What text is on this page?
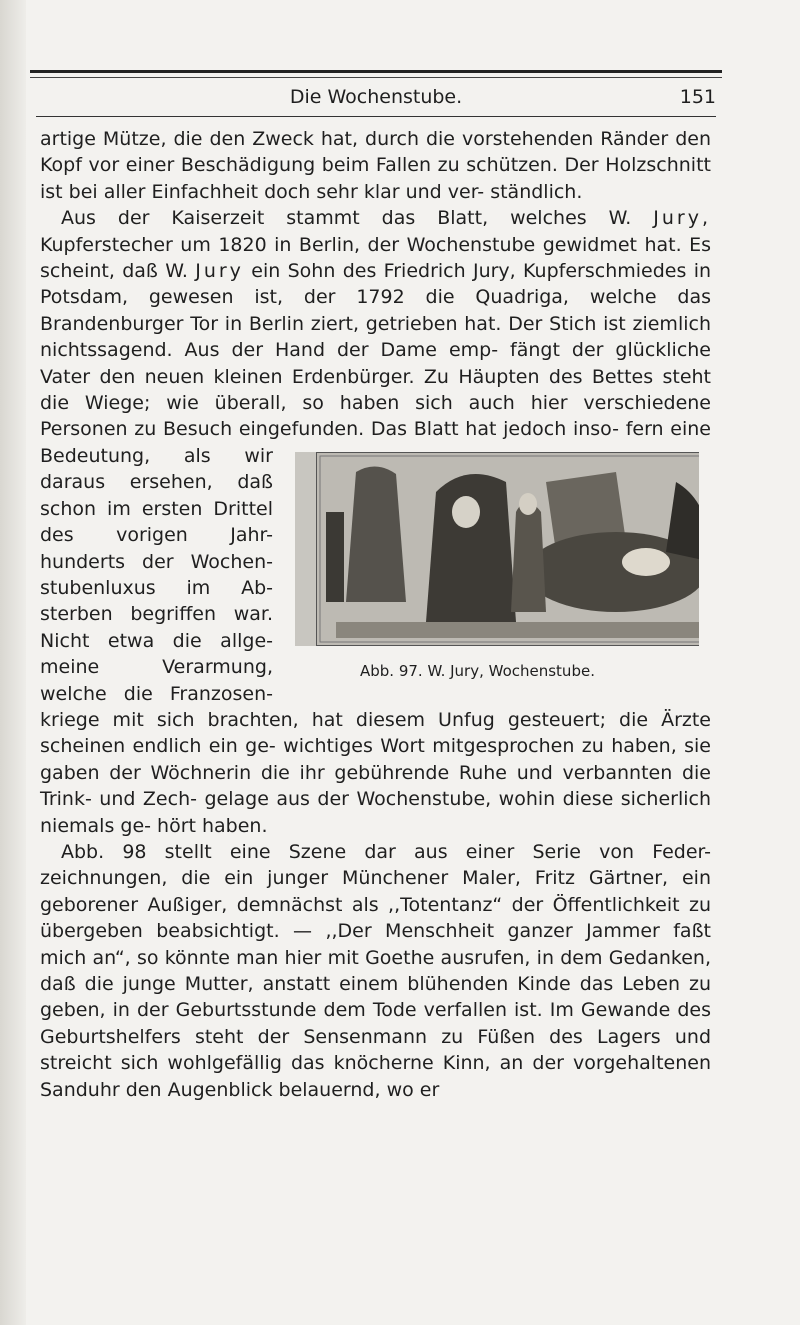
Die Wochenstube.	151

artige Mütze, die den Zweck hat, durch die vorstehenden Ränder den Kopf vor einer Beschädigung beim Fallen zu schützen. Der Holzschnitt ist bei aller Einfachheit doch sehr klar und ver- ständlich.

Aus der Kaiserzeit stammt das Blatt, welches W. Jury, Kupferstecher um 1820 in Berlin, der Wochenstube gewidmet hat. Es scheint, daß W. Jury ein Sohn des Friedrich Jury, Kupferschmiedes in Potsdam, gewesen ist, der 1792 die Quadriga, welche das Brandenburger Tor in Berlin ziert, getrieben hat. Der Stich ist ziemlich nichtssagend. Aus der Hand der Dame emp- fängt der glückliche Vater den neuen kleinen Erdenbürger. Zu Häupten des Bettes steht die Wiege; wie überall, so haben sich auch hier verschiedene Personen zu Besuch eingefunden. Das
Abb. 97. W. Jury, Wochenstube.
Blatt hat jedoch inso- fern eine Bedeutung, als wir daraus ersehen, daß schon im ersten Drittel des vorigen Jahr- hunderts der Wochen- stubenluxus im Ab- sterben begriffen war. Nicht etwa die allge- meine Verarmung, welche die Franzosen- kriege mit sich brachten, hat diesem Unfug gesteuert; die Ärzte scheinen endlich ein ge- wichtiges Wort mitgesprochen zu haben, sie gaben der Wöchnerin die ihr gebührende Ruhe und verbannten die Trink- und Zech- gelage aus der Wochenstube, wohin diese sicherlich niemals ge- hört haben.

Abb. 98 stellt eine Szene dar aus einer Serie von Feder- zeichnungen, die ein junger Münchener Maler, Fritz Gärtner, ein geborener Außiger, demnächst als ,,Totentanz“ der Öffentlichkeit zu übergeben beabsichtigt. — ,,Der Menschheit ganzer Jammer faßt mich an“, so könnte man hier mit Goethe ausrufen, in dem Gedanken, daß die junge Mutter, anstatt einem blühenden Kinde das Leben zu geben, in der Geburtsstunde dem Tode verfallen ist. Im Gewande des Geburtshelfers steht der Sensenmann zu Füßen des Lagers und streicht sich wohlgefällig das knöcherne Kinn, an der vorgehaltenen Sanduhr den Augenblick belauernd, wo er
